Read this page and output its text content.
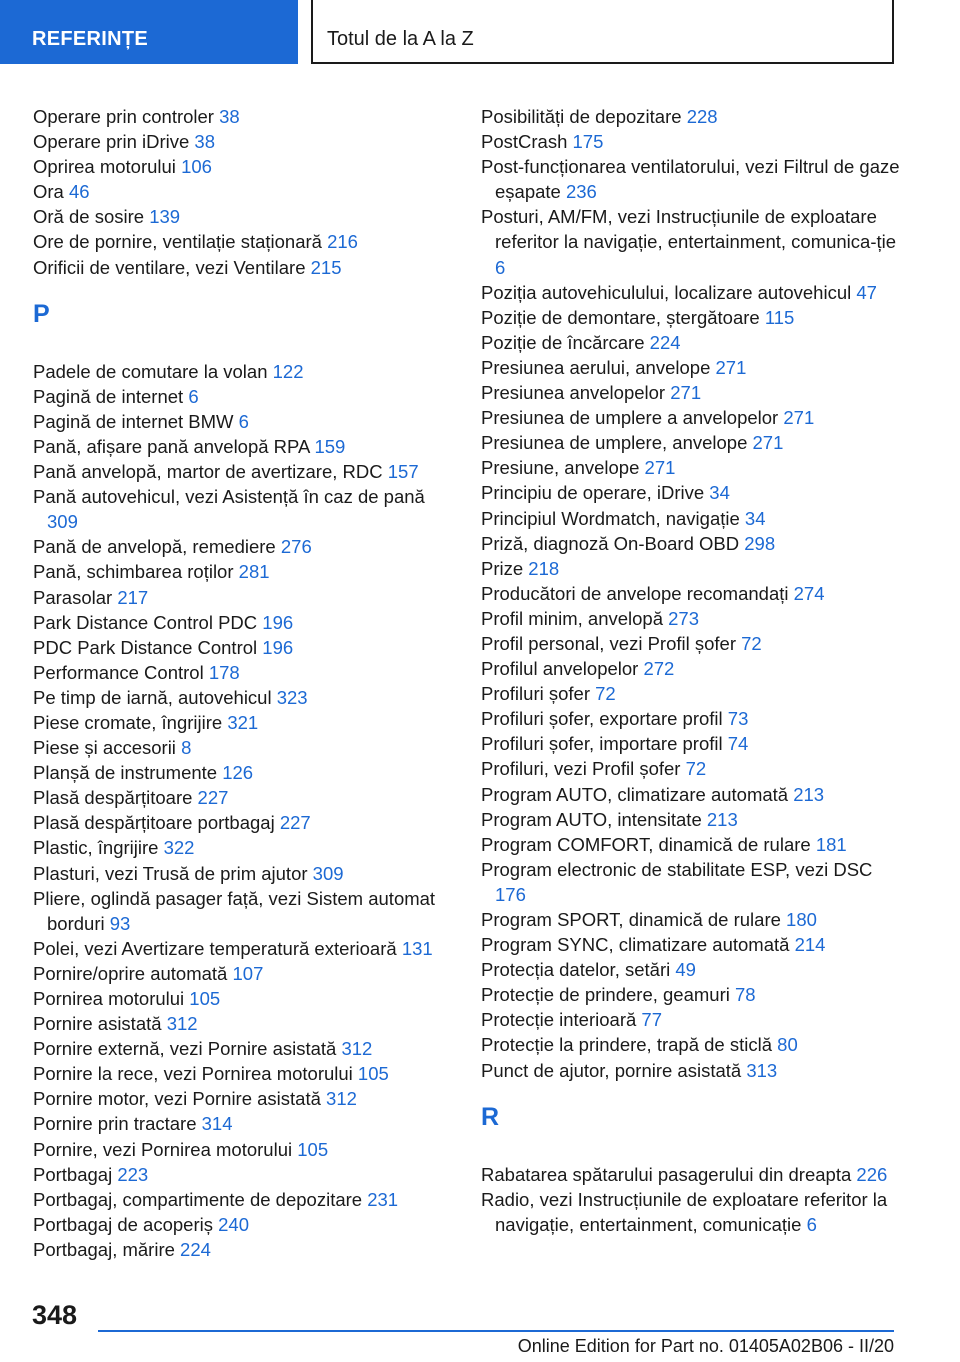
REFERINȚE	Totul de la A la Z
Operare prin controler 38
Operare prin iDrive 38
Oprirea motorului 106
Ora 46
Oră de sosire 139
Ore de pornire, ventilație staționară 216
Orificii de ventilare, vezi Ventilare 215
P
Padele de comutare la volan 122
Pagină de internet 6
Pagină de internet BMW 6
Pană, afișare pană anvelopă RPA 159
Pană anvelopă, martor de avertizare, RDC 157
Pană autovehicul, vezi Asistență în caz de pană 309
Pană de anvelopă, remediere 276
Pană, schimbarea roților 281
Parasolar 217
Park Distance Control PDC 196
PDC Park Distance Control 196
Performance Control 178
Pe timp de iarnă, autovehicul 323
Piese cromate, îngrijire 321
Piese și accesorii 8
Planșă de instrumente 126
Plasă despărțitoare 227
Plasă despărțitoare portbagaj 227
Plastic, îngrijire 322
Plasturi, vezi Trusă de prim ajutor 309
Pliere, oglindă pasager față, vezi Sistem automat borduri 93
Polei, vezi Avertizare temperatură exterioară 131
Pornire/oprire automată 107
Pornirea motorului 105
Pornire asistată 312
Pornire externă, vezi Pornire asistată 312
Pornire la rece, vezi Pornirea motorului 105
Pornire motor, vezi Pornire asistată 312
Pornire prin tractare 314
Pornire, vezi Pornirea motorului 105
Portbagaj 223
Portbagaj, compartimente de depozitare 231
Portbagaj de acoperiș 240
Portbagaj, mărire 224
Posibilități de depozitare 228
PostCrash 175
Post-funcționarea ventilatorului, vezi Filtrul de gaze eșapate 236
Posturi, AM/FM, vezi Instrucțiunile de exploatare referitor la navigație, entertainment, comunica-ție 6
Poziția autovehiculului, localizare autovehicul 47
Poziție de demontare, ștergătoare 115
Poziție de încărcare 224
Presiunea aerului, anvelope 271
Presiunea anvelopelor 271
Presiunea de umplere a anvelopelor 271
Presiunea de umplere, anvelope 271
Presiune, anvelope 271
Principiu de operare, iDrive 34
Principiul Wordmatch, navigație 34
Priză, diagnoză On-Board OBD 298
Prize 218
Producători de anvelope recomandați 274
Profil minim, anvelopă 273
Profil personal, vezi Profil șofer 72
Profilul anvelopelor 272
Profiluri șofer 72
Profiluri șofer, exportare profil 73
Profiluri șofer, importare profil 74
Profiluri, vezi Profil șofer 72
Program AUTO, climatizare automată 213
Program AUTO, intensitate 213
Program COMFORT, dinamică de rulare 181
Program electronic de stabilitate ESP, vezi DSC 176
Program SPORT, dinamică de rulare 180
Program SYNC, climatizare automată 214
Protecția datelor, setări 49
Protecție de prindere, geamuri 78
Protecție interioară 77
Protecție la prindere, trapă de sticlă 80
Punct de ajutor, pornire asistată 313
R
Rabatarea spătarului pasagerului din dreapta 226
Radio, vezi Instrucțiunile de exploatare referitor la navigație, entertainment, comunicație 6
348
Online Edition for Part no. 01405A02B06 - II/20
